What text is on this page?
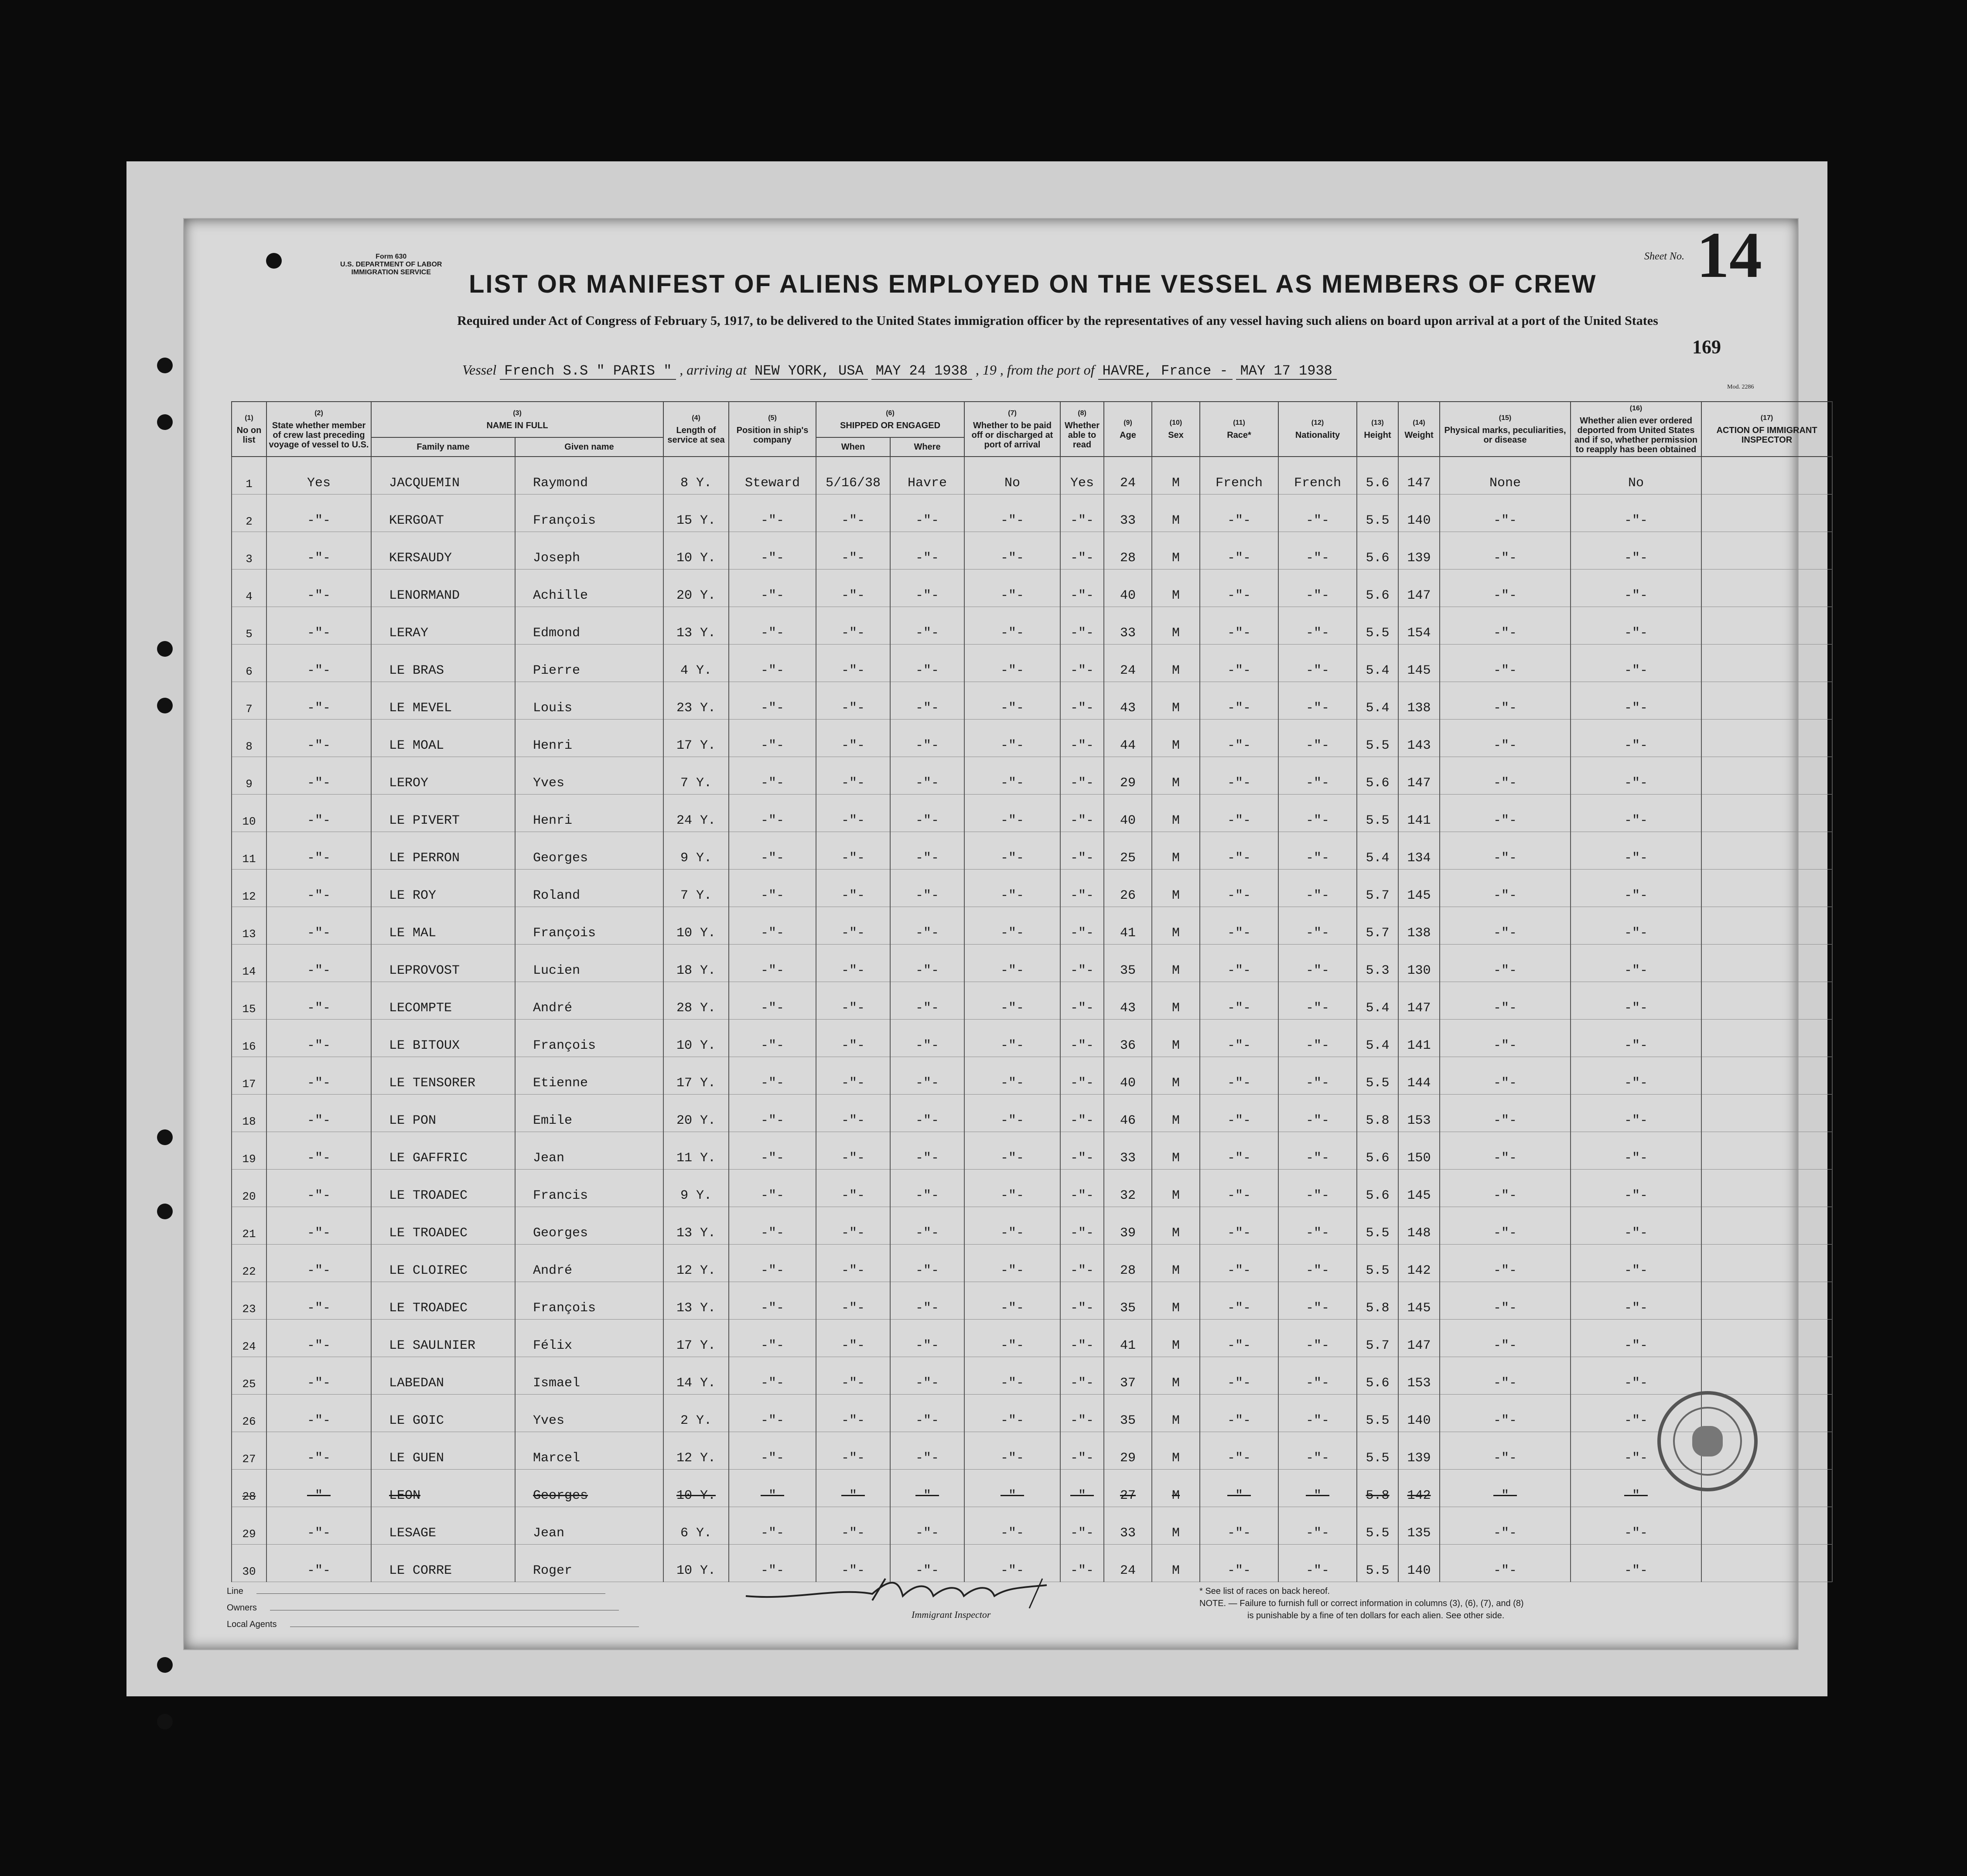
Form 630
U.S. DEPARTMENT OF LABOR
IMMIGRATION SERVICE
Sheet No. 14
169
LIST OR MANIFEST OF ALIENS EMPLOYED ON THE VESSEL AS MEMBERS OF CREW
Required under Act of Congress of February 5, 1917, to be delivered to the United States immigration officer by the representatives of any vessel having such aliens on board upon arrival at a port of the United States
Vessel French S.S " PARIS " , arriving at NEW YORK, USA MAY 24 1938 , 19 , from the port of HAVRE, France - MAY 17 1938
Mod. 2286
(1)
No on list	(2)
State whether member of crew last preceding voyage of vessel to U.S.	(3)
NAME IN FULL		(4)
Length of service at sea	(5)
Position in ship's company	(6)
SHIPPED OR ENGAGED		(7)
Whether to be paid off or discharged at port of arrival	(8)
Whether able to read	(9)
Age	(10)
Sex	(11)
Race*	(12)
Nationality	(13)
Height	(14)
Weight	(15)
Physical marks, peculiarities, or disease	(16)
Whether alien ever ordered deported from United States and if so, whether permission to reapply has been obtained	(17)
ACTION OF IMMIGRANT INSPECTOR
		Family name	Given name			When	Where											
1	Yes	JACQUEMIN	Raymond	8 Y.	Steward	5/16/38	Havre	No	Yes	24	M	French	French	5.6	147	None	No	
2	-"-	KERGOAT	François	15 Y.	-"-	-"-	-"-	-"-	-"-	33	M	-"-	-"-	5.5	140	-"-	-"-	
3	-"-	KERSAUDY	Joseph	10 Y.	-"-	-"-	-"-	-"-	-"-	28	M	-"-	-"-	5.6	139	-"-	-"-	
4	-"-	LENORMAND	Achille	20 Y.	-"-	-"-	-"-	-"-	-"-	40	M	-"-	-"-	5.6	147	-"-	-"-	
5	-"-	LERAY	Edmond	13 Y.	-"-	-"-	-"-	-"-	-"-	33	M	-"-	-"-	5.5	154	-"-	-"-	
6	-"-	LE BRAS	Pierre	4 Y.	-"-	-"-	-"-	-"-	-"-	24	M	-"-	-"-	5.4	145	-"-	-"-	
7	-"-	LE MEVEL	Louis	23 Y.	-"-	-"-	-"-	-"-	-"-	43	M	-"-	-"-	5.4	138	-"-	-"-	
8	-"-	LE MOAL	Henri	17 Y.	-"-	-"-	-"-	-"-	-"-	44	M	-"-	-"-	5.5	143	-"-	-"-	
9	-"-	LEROY	Yves	7 Y.	-"-	-"-	-"-	-"-	-"-	29	M	-"-	-"-	5.6	147	-"-	-"-	
10	-"-	LE PIVERT	Henri	24 Y.	-"-	-"-	-"-	-"-	-"-	40	M	-"-	-"-	5.5	141	-"-	-"-	
11	-"-	LE PERRON	Georges	9 Y.	-"-	-"-	-"-	-"-	-"-	25	M	-"-	-"-	5.4	134	-"-	-"-	
12	-"-	LE ROY	Roland	7 Y.	-"-	-"-	-"-	-"-	-"-	26	M	-"-	-"-	5.7	145	-"-	-"-	
13	-"-	LE MAL	François	10 Y.	-"-	-"-	-"-	-"-	-"-	41	M	-"-	-"-	5.7	138	-"-	-"-	
14	-"-	LEPROVOST	Lucien	18 Y.	-"-	-"-	-"-	-"-	-"-	35	M	-"-	-"-	5.3	130	-"-	-"-	
15	-"-	LECOMPTE	André	28 Y.	-"-	-"-	-"-	-"-	-"-	43	M	-"-	-"-	5.4	147	-"-	-"-	
16	-"-	LE BITOUX	François	10 Y.	-"-	-"-	-"-	-"-	-"-	36	M	-"-	-"-	5.4	141	-"-	-"-	
17	-"-	LE TENSORER	Etienne	17 Y.	-"-	-"-	-"-	-"-	-"-	40	M	-"-	-"-	5.5	144	-"-	-"-	
18	-"-	LE PON	Emile	20 Y.	-"-	-"-	-"-	-"-	-"-	46	M	-"-	-"-	5.8	153	-"-	-"-	
19	-"-	LE GAFFRIC	Jean	11 Y.	-"-	-"-	-"-	-"-	-"-	33	M	-"-	-"-	5.6	150	-"-	-"-	
20	-"-	LE TROADEC	Francis	9 Y.	-"-	-"-	-"-	-"-	-"-	32	M	-"-	-"-	5.6	145	-"-	-"-	
21	-"-	LE TROADEC	Georges	13 Y.	-"-	-"-	-"-	-"-	-"-	39	M	-"-	-"-	5.5	148	-"-	-"-	
22	-"-	LE CLOIREC	André	12 Y.	-"-	-"-	-"-	-"-	-"-	28	M	-"-	-"-	5.5	142	-"-	-"-	
23	-"-	LE TROADEC	François	13 Y.	-"-	-"-	-"-	-"-	-"-	35	M	-"-	-"-	5.8	145	-"-	-"-	
24	-"-	LE SAULNIER	Félix	17 Y.	-"-	-"-	-"-	-"-	-"-	41	M	-"-	-"-	5.7	147	-"-	-"-	
25	-"-	LABEDAN	Ismael	14 Y.	-"-	-"-	-"-	-"-	-"-	37	M	-"-	-"-	5.6	153	-"-	-"-	
26	-"-	LE GOIC	Yves	2 Y.	-"-	-"-	-"-	-"-	-"-	35	M	-"-	-"-	5.5	140	-"-	-"-	
27	-"-	LE GUEN	Marcel	12 Y.	-"-	-"-	-"-	-"-	-"-	29	M	-"-	-"-	5.5	139	-"-	-"-	
28	-"-	LEON	Georges	10 Y.	-"-	-"-	-"-	-"-	-"-	27	M	-"-	-"-	5.8	142	-"-	-"-	
29	-"-	LESAGE	Jean	6 Y.	-"-	-"-	-"-	-"-	-"-	33	M	-"-	-"-	5.5	135	-"-	-"-	
30	-"-	LE CORRE	Roger	10 Y.	-"-	-"-	-"-	-"-	-"-	24	M	-"-	-"-	5.5	140	-"-	-"-	
Line
Owners
Local Agents
Immigrant Inspector
* See list of races on back hereof.
NOTE. — Failure to furnish full or correct information in columns (3), (6), (7), and (8)
is punishable by a fine of ten dollars for each alien. See other side.
